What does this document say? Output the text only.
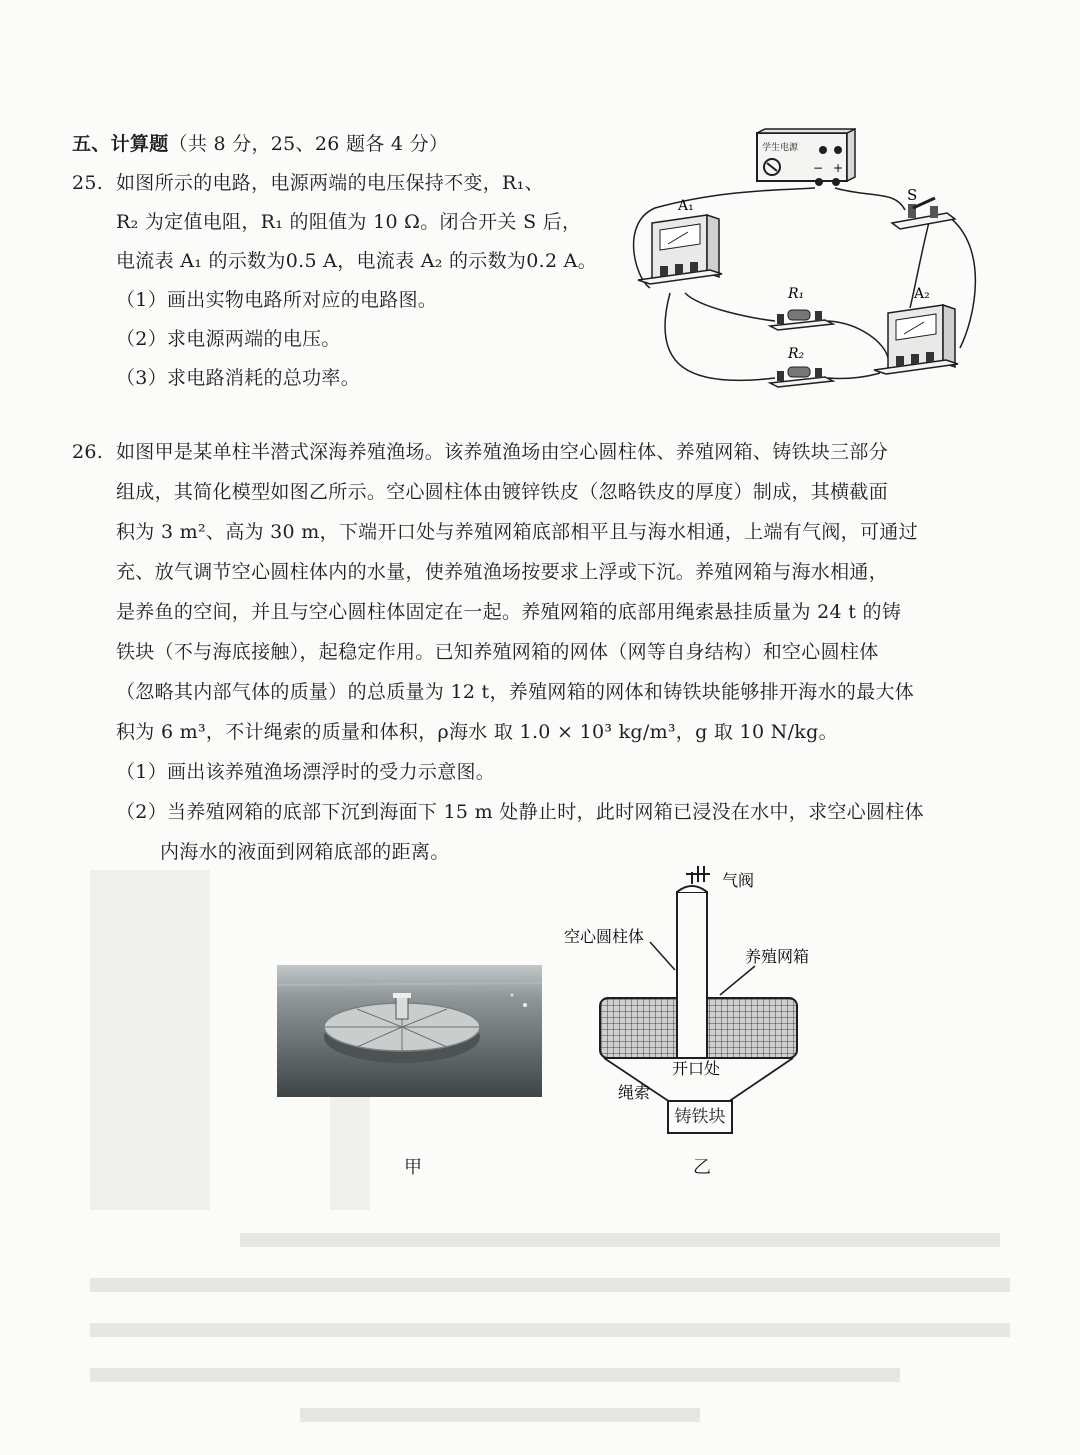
五、计算题（共 8 分，25、26 题各 4 分）
25. 如图所示的电路，电源两端的电压保持不变，R₁、
R₂ 为定值电阻，R₁ 的阻值为 10 Ω。闭合开关 S 后，
电流表 A₁ 的示数为0.5 A，电流表 A₂ 的示数为0.2 A。
（1）画出实物电路所对应的电路图。
（2）求电源两端的电压。
（3）求电路消耗的总功率。
学生电源
− +
S
A₁
R₁
R₂
A₂
26. 如图甲是某单柱半潜式深海养殖渔场。该养殖渔场由空心圆柱体、养殖网箱、铸铁块三部分
组成，其简化模型如图乙所示。空心圆柱体由镀锌铁皮（忽略铁皮的厚度）制成，其横截面
积为 3 m²、高为 30 m，下端开口处与养殖网箱底部相平且与海水相通，上端有气阀，可通过
充、放气调节空心圆柱体内的水量，使养殖渔场按要求上浮或下沉。养殖网箱与海水相通，
是养鱼的空间，并且与空心圆柱体固定在一起。养殖网箱的底部用绳索悬挂质量为 24 t 的铸
铁块（不与海底接触），起稳定作用。已知养殖网箱的网体（网等自身结构）和空心圆柱体
（忽略其内部气体的质量）的总质量为 12 t，养殖网箱的网体和铸铁块能够排开海水的最大体
积为 6 m³，不计绳索的质量和体积，ρ海水 取 1.0 × 10³ kg/m³，g 取 10 N/kg。
（1）画出该养殖渔场漂浮时的受力示意图。
（2）当养殖网箱的底部下沉到海面下 15 m 处静止时，此时网箱已浸没在水中，求空心圆柱体
内海水的液面到网箱底部的距离。
甲
气阀
空心圆柱体
养殖网箱
开口处
绳索
铸铁块
乙
